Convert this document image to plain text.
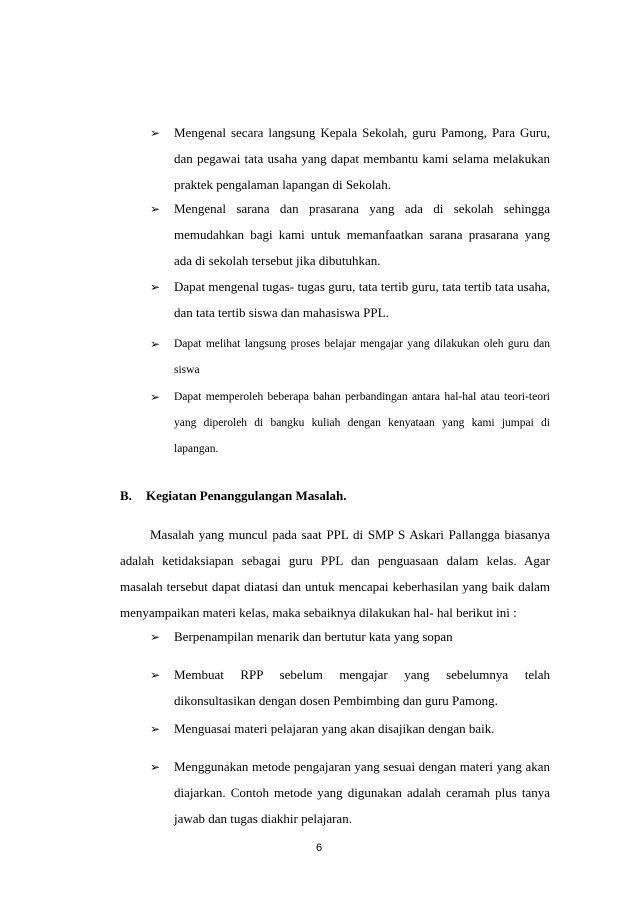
➢	Mengenal secara langsung Kepala Sekolah, guru Pamong, Para Guru, dan pegawai tata usaha yang dapat membantu kami selama melakukan praktek pengalaman lapangan di Sekolah.
➢	Mengenal sarana dan prasarana yang ada di sekolah sehingga memudahkan bagi kami untuk memanfaatkan sarana prasarana yang ada di sekolah tersebut jika dibutuhkan.
➢	Dapat mengenal tugas- tugas guru, tata tertib guru, tata tertib tata usaha, dan tata tertib siswa dan mahasiswa PPL.
➢	Dapat melihat langsung proses belajar mengajar yang dilakukan oleh guru dan siswa
➢	Dapat memperoleh beberapa bahan perbandingan antara hal-hal atau teori-teori yang diperoleh di bangku kuliah dengan kenyataan yang kami jumpai di lapangan.
B. Kegiatan Penanggulangan Masalah.
Masalah yang muncul pada saat PPL di SMP S Askari Pallangga biasanya adalah ketidaksiapan sebagai guru PPL dan penguasaan dalam kelas. Agar masalah tersebut dapat diatasi dan untuk mencapai keberhasilan yang baik dalam menyampaikan materi kelas, maka sebaiknya dilakukan hal- hal berikut ini :
➢	Berpenampilan menarik dan bertutur kata yang sopan
➢	Membuat RPP sebelum mengajar yang sebelumnya telah dikonsultasikan dengan dosen Pembimbing dan guru Pamong.
➢	Menguasai materi pelajaran yang akan disajikan dengan baik.
➢	Menggunakan metode pengajaran yang sesuai dengan materi yang akan diajarkan. Contoh metode yang digunakan adalah ceramah plus tanya jawab dan tugas diakhir pelajaran.
6
